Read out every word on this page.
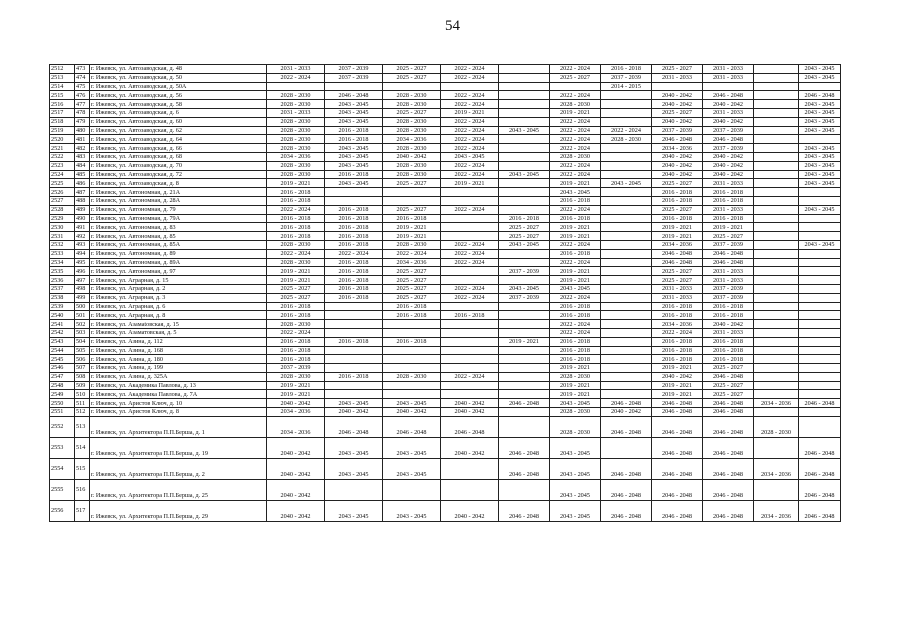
54
2512	473	г. Ижевск, ул. Автозаводская, д. 48	2031 - 2033	2037 - 2039	2025 - 2027	2022 - 2024		2022 - 2024	2016 - 2018	2025 - 2027	2031 - 2033		2043 - 2045
2513	474	г. Ижевск, ул. Автозаводская, д. 50	2022 - 2024	2037 - 2039	2025 - 2027	2022 - 2024		2025 - 2027	2037 - 2039	2031 - 2033	2031 - 2033		2043 - 2045
2514	475	г. Ижевск, ул. Автозаводская, д. 50А							2014 - 2015				
2515	476	г. Ижевск, ул. Автозаводская, д. 56	2028 - 2030	2046 - 2048	2028 - 2030	2022 - 2024		2022 - 2024		2040 - 2042	2046 - 2048		2046 - 2048
2516	477	г. Ижевск, ул. Автозаводская, д. 58	2028 - 2030	2043 - 2045	2028 - 2030	2022 - 2024		2028 - 2030		2040 - 2042	2040 - 2042		2043 - 2045
2517	478	г. Ижевск, ул. Автозаводская, д. 6	2031 - 2033	2043 - 2045	2025 - 2027	2019 - 2021		2019 - 2021		2025 - 2027	2031 - 2033		2043 - 2045
2518	479	г. Ижевск, ул. Автозаводская, д. 60	2028 - 2030	2043 - 2045	2028 - 2030	2022 - 2024		2022 - 2024		2040 - 2042	2040 - 2042		2043 - 2045
2519	480	г. Ижевск, ул. Автозаводская, д. 62	2028 - 2030	2016 - 2018	2028 - 2030	2022 - 2024	2043 - 2045	2022 - 2024	2022 - 2024	2037 - 2039	2037 - 2039		2043 - 2045
2520	481	г. Ижевск, ул. Автозаводская, д. 64	2028 - 2030	2016 - 2018	2034 - 2036	2022 - 2024		2022 - 2024	2028 - 2030	2046 - 2048	2046 - 2048		
2521	482	г. Ижевск, ул. Автозаводская, д. 66	2028 - 2030	2043 - 2045	2028 - 2030	2022 - 2024		2022 - 2024		2034 - 2036	2037 - 2039		2043 - 2045
2522	483	г. Ижевск, ул. Автозаводская, д. 68	2034 - 2036	2043 - 2045	2040 - 2042	2043 - 2045		2028 - 2030		2040 - 2042	2040 - 2042		2043 - 2045
2523	484	г. Ижевск, ул. Автозаводская, д. 70	2028 - 2030	2043 - 2045	2028 - 2030	2022 - 2024		2022 - 2024		2040 - 2042	2040 - 2042		2043 - 2045
2524	485	г. Ижевск, ул. Автозаводская, д. 72	2028 - 2030	2016 - 2018	2028 - 2030	2022 - 2024	2043 - 2045	2022 - 2024		2040 - 2042	2040 - 2042		2043 - 2045
2525	486	г. Ижевск, ул. Автозаводская, д. 8	2019 - 2021	2043 - 2045	2025 - 2027	2019 - 2021		2019 - 2021	2043 - 2045	2025 - 2027	2031 - 2033		2043 - 2045
2526	487	г. Ижевск, ул. Автономная, д. 21А	2016 - 2018					2043 - 2045		2016 - 2018	2016 - 2018		
2527	488	г. Ижевск, ул. Автономная, д. 28А	2016 - 2018					2016 - 2018		2016 - 2018	2016 - 2018		
2528	489	г. Ижевск, ул. Автономная, д. 79	2022 - 2024	2016 - 2018	2025 - 2027	2022 - 2024		2022 - 2024		2025 - 2027	2031 - 2033		2043 - 2045
2529	490	г. Ижевск, ул. Автономная, д. 79А	2016 - 2018	2016 - 2018	2016 - 2018		2016 - 2018	2016 - 2018		2016 - 2018	2016 - 2018		
2530	491	г. Ижевск, ул. Автономная, д. 83	2016 - 2018	2016 - 2018	2019 - 2021		2025 - 2027	2019 - 2021		2019 - 2021	2019 - 2021		
2531	492	г. Ижевск, ул. Автономная, д. 85	2016 - 2018	2016 - 2018	2019 - 2021		2025 - 2027	2019 - 2021		2019 - 2021	2025 - 2027		
2532	493	г. Ижевск, ул. Автономная, д. 85А	2028 - 2030	2016 - 2018	2028 - 2030	2022 - 2024	2043 - 2045	2022 - 2024		2034 - 2036	2037 - 2039		2043 - 2045
2533	494	г. Ижевск, ул. Автономная, д. 89	2022 - 2024	2022 - 2024	2022 - 2024	2022 - 2024		2016 - 2018		2046 - 2048	2046 - 2048		
2534	495	г. Ижевск, ул. Автономная, д. 89А	2028 - 2030	2016 - 2018	2034 - 2036	2022 - 2024		2022 - 2024		2046 - 2048	2046 - 2048		
2535	496	г. Ижевск, ул. Автономная, д. 97	2019 - 2021	2016 - 2018	2025 - 2027		2037 - 2039	2019 - 2021		2025 - 2027	2031 - 2033		
2536	497	г. Ижевск, ул. Аграрная, д. 15	2019 - 2021	2016 - 2018	2025 - 2027			2019 - 2021		2025 - 2027	2031 - 2033		
2537	498	г. Ижевск, ул. Аграрная, д. 2	2025 - 2027	2016 - 2018	2025 - 2027	2022 - 2024	2043 - 2045	2043 - 2045		2031 - 2033	2037 - 2039		
2538	499	г. Ижевск, ул. Аграрная, д. 3	2025 - 2027	2016 - 2018	2025 - 2027	2022 - 2024	2037 - 2039	2022 - 2024		2031 - 2033	2037 - 2039		
2539	500	г. Ижевск, ул. Аграрная, д. 6	2016 - 2018		2016 - 2018			2016 - 2018		2016 - 2018	2016 - 2018		
2540	501	г. Ижевск, ул. Аграрная, д. 8	2016 - 2018		2016 - 2018	2016 - 2018		2016 - 2018		2016 - 2018	2016 - 2018		
2541	502	г. Ижевск, ул. Азамatовская, д. 15	2028 - 2030					2022 - 2024		2034 - 2036	2040 - 2042		
2542	503	г. Ижевск, ул. Азаматовская, д. 5	2022 - 2024					2022 - 2024		2022 - 2024	2031 - 2033		
2543	504	г. Ижевск, ул. Азина, д. 112	2016 - 2018	2016 - 2018	2016 - 2018		2019 - 2021	2016 - 2018		2016 - 2018	2016 - 2018		
2544	505	г. Ижевск, ул. Азина, д. 168	2016 - 2018					2016 - 2018		2016 - 2018	2016 - 2018		
2545	506	г. Ижевск, ул. Азина, д. 180	2016 - 2018					2016 - 2018		2016 - 2018	2016 - 2018		
2546	507	г. Ижевск, ул. Азина, д. 199	2037 - 2039					2019 - 2021		2019 - 2021	2025 - 2027		
2547	508	г. Ижевск, ул. Азина, д. 325А	2028 - 2030	2016 - 2018	2028 - 2030	2022 - 2024		2028 - 2030		2040 - 2042	2046 - 2048		
2548	509	г. Ижевск, ул. Академика Павлова, д. 13	2019 - 2021					2019 - 2021		2019 - 2021	2025 - 2027		
2549	510	г. Ижевск, ул. Академика Павлова, д. 7А	2019 - 2021					2019 - 2021		2019 - 2021	2025 - 2027		
2550	511	г. Ижевск, ул. Аристов Ключ, д. 10	2040 - 2042	2043 - 2045	2043 - 2045	2040 - 2042	2046 - 2048	2043 - 2045	2046 - 2048	2046 - 2048	2046 - 2048	2034 - 2036	2046 - 2048
2551	512	г. Ижевск, ул. Аристов Ключ, д. 8	2034 - 2036	2040 - 2042	2040 - 2042	2040 - 2042		2028 - 2030	2040 - 2042	2046 - 2048	2046 - 2048		
2552	513	г. Ижевск, ул. Архитектора П.П.Берша, д. 1	2034 - 2036	2046 - 2048	2046 - 2048	2046 - 2048		2028 - 2030	2046 - 2048	2046 - 2048	2046 - 2048	2028 - 2030	
2553	514	г. Ижевск, ул. Архитектора П.П.Берша, д. 19	2040 - 2042	2043 - 2045	2043 - 2045	2040 - 2042	2046 - 2048	2043 - 2045		2046 - 2048	2046 - 2048		2046 - 2048
2554	515	г. Ижевск, ул. Архитектора П.П.Берша, д. 2	2040 - 2042	2043 - 2045	2043 - 2045		2046 - 2048	2043 - 2045	2046 - 2048	2046 - 2048	2046 - 2048	2034 - 2036	2046 - 2048
2555	516	г. Ижевск, ул. Архитектора П.П.Берша, д. 25	2040 - 2042					2043 - 2045	2046 - 2048	2046 - 2048	2046 - 2048		2046 - 2048
2556	517	г. Ижевск, ул. Архитектора П.П.Берша, д. 29	2040 - 2042	2043 - 2045	2043 - 2045	2040 - 2042	2046 - 2048	2043 - 2045	2046 - 2048	2046 - 2048	2046 - 2048	2034 - 2036	2046 - 2048
